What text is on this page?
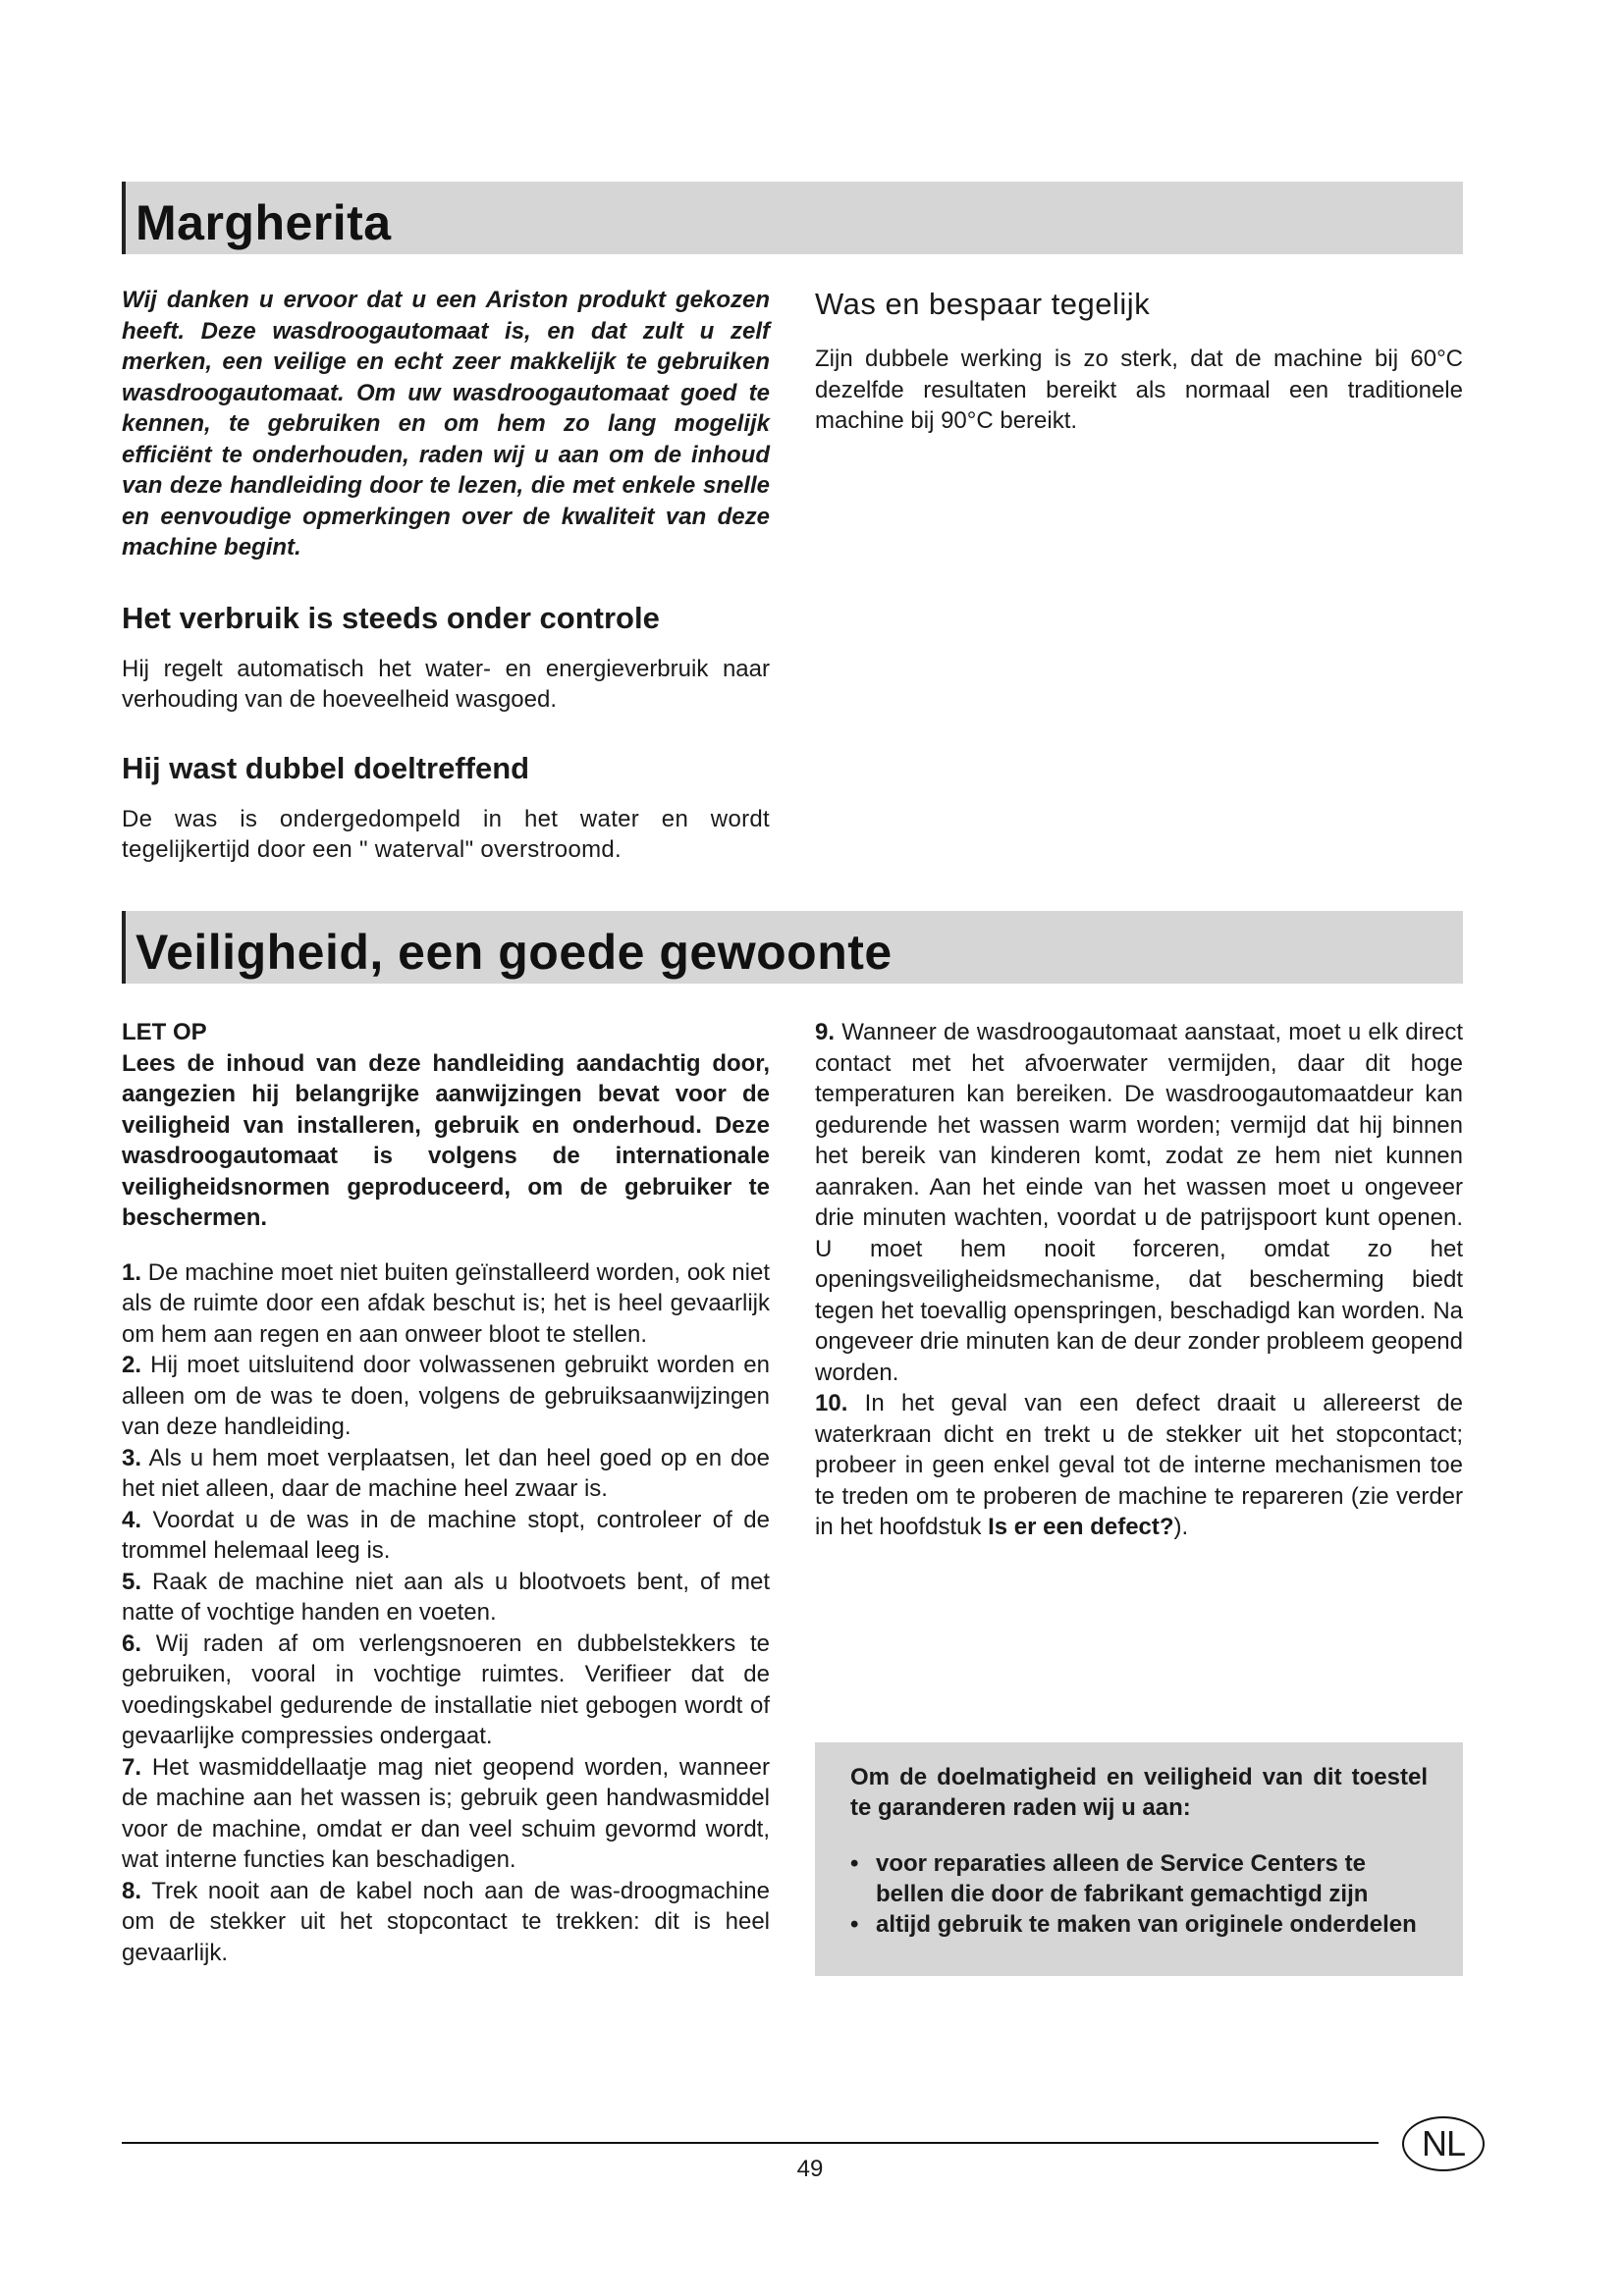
Margherita

Wij danken u ervoor dat u een Ariston produkt gekozen heeft. Deze wasdroogautomaat is, en dat zult u zelf merken, een veilige en echt zeer makkelijk te gebruiken wasdroogautomaat. Om uw wasdroogautomaat goed te kennen, te gebruiken en om hem zo lang mogelijk efficiënt te onderhouden, raden wij u aan om de inhoud van deze handleiding door te lezen, die met enkele snelle en eenvoudige opmerkingen over de kwaliteit van deze machine begint.

Het verbruik is steeds onder controle

Hij regelt automatisch het water- en energieverbruik naar verhouding van de hoeveelheid wasgoed.

Hij wast dubbel doeltreffend

De was is ondergedompeld in het water en wordt tegelijkertijd door een " waterval" overstroomd.

Was en bespaar tegelijk

Zijn dubbele werking is zo sterk, dat de machine bij 60°C dezelfde resultaten bereikt als normaal een traditionele machine bij 90°C bereikt.

Veiligheid, een goede gewoonte

LET OP

Lees de inhoud van deze handleiding aandachtig door, aangezien hij belangrijke aanwijzingen bevat voor de veiligheid van installeren, gebruik en onderhoud. Deze wasdroogautomaat is volgens de internationale veiligheidsnormen geproduceerd, om de gebruiker te beschermen.

1. De machine moet niet buiten geïnstalleerd worden, ook niet als de ruimte door een afdak beschut is; het is heel gevaarlijk om hem aan regen en aan onweer bloot te stellen.

2. Hij moet uitsluitend door volwassenen gebruikt worden en alleen om de was te doen, volgens de gebruiksaanwijzingen van deze handleiding.

3. Als u hem moet verplaatsen, let dan heel goed op en doe het niet alleen, daar de machine heel zwaar is.

4. Voordat u de was in de machine stopt, controleer of de trommel helemaal leeg is.

5. Raak de machine niet aan als u blootvoets bent, of met natte of vochtige handen en voeten.

6. Wij raden af om verlengsnoeren en dubbelstekkers te gebruiken, vooral in vochtige ruimtes. Verifieer dat de voedingskabel gedurende de installatie niet gebogen wordt of gevaarlijke compressies ondergaat.

7. Het wasmiddellaatje mag niet geopend worden, wanneer de machine aan het wassen is; gebruik geen handwasmiddel voor de machine, omdat er dan veel schuim gevormd wordt, wat interne functies kan beschadigen.

8. Trek nooit aan de kabel noch aan de was-droogmachine om de stekker uit het stopcontact te trekken: dit is heel gevaarlijk.

9. Wanneer de wasdroogautomaat aanstaat, moet u elk direct contact met het afvoerwater vermijden, daar dit hoge temperaturen kan bereiken. De wasdroogautomaatdeur kan gedurende het wassen warm worden; vermijd dat hij binnen het bereik van kinderen komt, zodat ze hem niet kunnen aanraken. Aan het einde van het wassen moet u ongeveer drie minuten wachten, voordat u de patrijspoort kunt openen. U moet hem nooit forceren, omdat zo het openingsveiligheidsmechanisme, dat bescherming biedt tegen het toevallig openspringen, beschadigd kan worden. Na ongeveer drie minuten kan de deur zonder probleem geopend worden.

10. In het geval van een defect draait u allereerst de waterkraan dicht en trekt u de stekker uit het stopcontact; probeer in geen enkel geval tot de interne mechanismen toe te treden om te proberen de machine te repareren (zie verder in het hoofdstuk Is er een defect?).

Om de doelmatigheid en veiligheid van dit toestel te garanderen raden wij u aan:

• voor reparaties alleen de Service Centers te bellen die door de fabrikant gemachtigd zijn
• altijd gebruik te maken van originele onderdelen
49
NL
